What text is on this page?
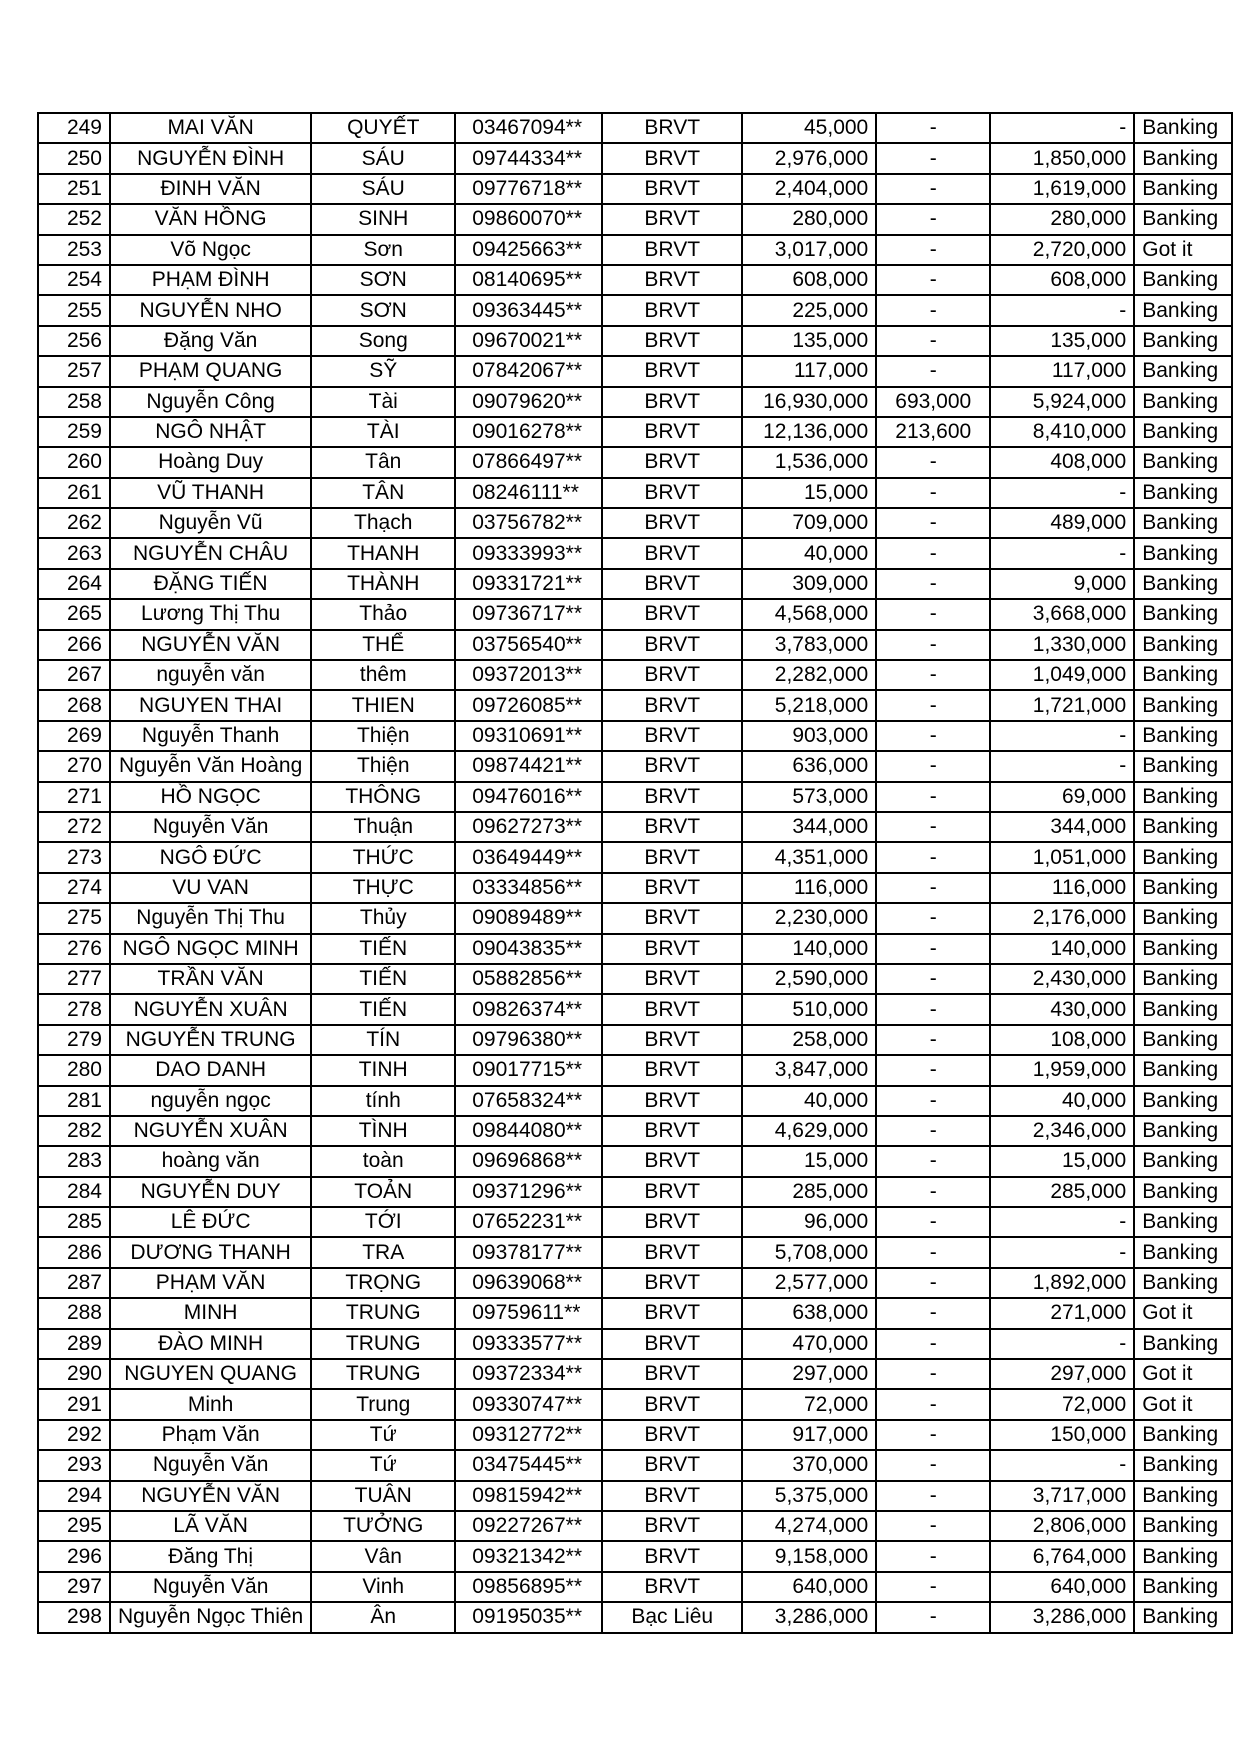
249	MAI VĂN	QUYẾT	03467094**	BRVT	45,000	-	-	Banking
250	NGUYỄN ĐÌNH	SÁU	09744334**	BRVT	2,976,000	-	1,850,000	Banking
251	ĐINH VĂN	SÁU	09776718**	BRVT	2,404,000	-	1,619,000	Banking
252	VĂN HỒNG	SINH	09860070**	BRVT	280,000	-	280,000	Banking
253	Võ Ngọc	Sơn	09425663**	BRVT	3,017,000	-	2,720,000	Got it
254	PHẠM ĐÌNH	SƠN	08140695**	BRVT	608,000	-	608,000	Banking
255	NGUYỄN NHO	SƠN	09363445**	BRVT	225,000	-	-	Banking
256	Đặng Văn	Song	09670021**	BRVT	135,000	-	135,000	Banking
257	PHẠM QUANG	SỸ	07842067**	BRVT	117,000	-	117,000	Banking
258	Nguyễn Công	Tài	09079620**	BRVT	16,930,000	693,000	5,924,000	Banking
259	NGÔ NHẬT	TÀI	09016278**	BRVT	12,136,000	213,600	8,410,000	Banking
260	Hoàng Duy	Tân	07866497**	BRVT	1,536,000	-	408,000	Banking
261	VŨ THANH	TÂN	08246111**	BRVT	15,000	-	-	Banking
262	Nguyễn Vũ	Thạch	03756782**	BRVT	709,000	-	489,000	Banking
263	NGUYỄN CHÂU	THANH	09333993**	BRVT	40,000	-	-	Banking
264	ĐẶNG TIẾN	THÀNH	09331721**	BRVT	309,000	-	9,000	Banking
265	Lương Thị Thu	Thảo	09736717**	BRVT	4,568,000	-	3,668,000	Banking
266	NGUYỄN VĂN	THỂ	03756540**	BRVT	3,783,000	-	1,330,000	Banking
267	nguyễn văn	thêm	09372013**	BRVT	2,282,000	-	1,049,000	Banking
268	NGUYEN THAI	THIEN	09726085**	BRVT	5,218,000	-	1,721,000	Banking
269	Nguyễn Thanh	Thiện	09310691**	BRVT	903,000	-	-	Banking
270	Nguyễn Văn Hoàng	Thiện	09874421**	BRVT	636,000	-	-	Banking
271	HỒ NGỌC	THÔNG	09476016**	BRVT	573,000	-	69,000	Banking
272	Nguyễn Văn	Thuận	09627273**	BRVT	344,000	-	344,000	Banking
273	NGÔ ĐỨC	THỨC	03649449**	BRVT	4,351,000	-	1,051,000	Banking
274	VU VAN	THỰC	03334856**	BRVT	116,000	-	116,000	Banking
275	Nguyễn Thị Thu	Thủy	09089489**	BRVT	2,230,000	-	2,176,000	Banking
276	NGÔ NGỌC MINH	TIẾN	09043835**	BRVT	140,000	-	140,000	Banking
277	TRẦN VĂN	TIẾN	05882856**	BRVT	2,590,000	-	2,430,000	Banking
278	NGUYỄN XUÂN	TIẾN	09826374**	BRVT	510,000	-	430,000	Banking
279	NGUYỄN TRUNG	TÍN	09796380**	BRVT	258,000	-	108,000	Banking
280	DAO DANH	TINH	09017715**	BRVT	3,847,000	-	1,959,000	Banking
281	nguyễn ngọc	tính	07658324**	BRVT	40,000	-	40,000	Banking
282	NGUYỄN XUÂN	TÌNH	09844080**	BRVT	4,629,000	-	2,346,000	Banking
283	hoàng văn	toàn	09696868**	BRVT	15,000	-	15,000	Banking
284	NGUYỄN DUY	TOẢN	09371296**	BRVT	285,000	-	285,000	Banking
285	LÊ ĐỨC	TỚI	07652231**	BRVT	96,000	-	-	Banking
286	DƯƠNG THANH	TRA	09378177**	BRVT	5,708,000	-	-	Banking
287	PHẠM VĂN	TRỌNG	09639068**	BRVT	2,577,000	-	1,892,000	Banking
288	MINH	TRUNG	09759611**	BRVT	638,000	-	271,000	Got it
289	ĐÀO MINH	TRUNG	09333577**	BRVT	470,000	-	-	Banking
290	NGUYEN QUANG	TRUNG	09372334**	BRVT	297,000	-	297,000	Got it
291	Minh	Trung	09330747**	BRVT	72,000	-	72,000	Got it
292	Phạm Văn	Tứ	09312772**	BRVT	917,000	-	150,000	Banking
293	Nguyễn Văn	Tứ	03475445**	BRVT	370,000	-	-	Banking
294	NGUYỄN VĂN	TUÂN	09815942**	BRVT	5,375,000	-	3,717,000	Banking
295	LÃ VĂN	TƯỞNG	09227267**	BRVT	4,274,000	-	2,806,000	Banking
296	Đăng Thị	Vân	09321342**	BRVT	9,158,000	-	6,764,000	Banking
297	Nguyễn Văn	Vinh	09856895**	BRVT	640,000	-	640,000	Banking
298	Nguyễn Ngọc Thiên	Ân	09195035**	Bạc Liêu	3,286,000	-	3,286,000	Banking
